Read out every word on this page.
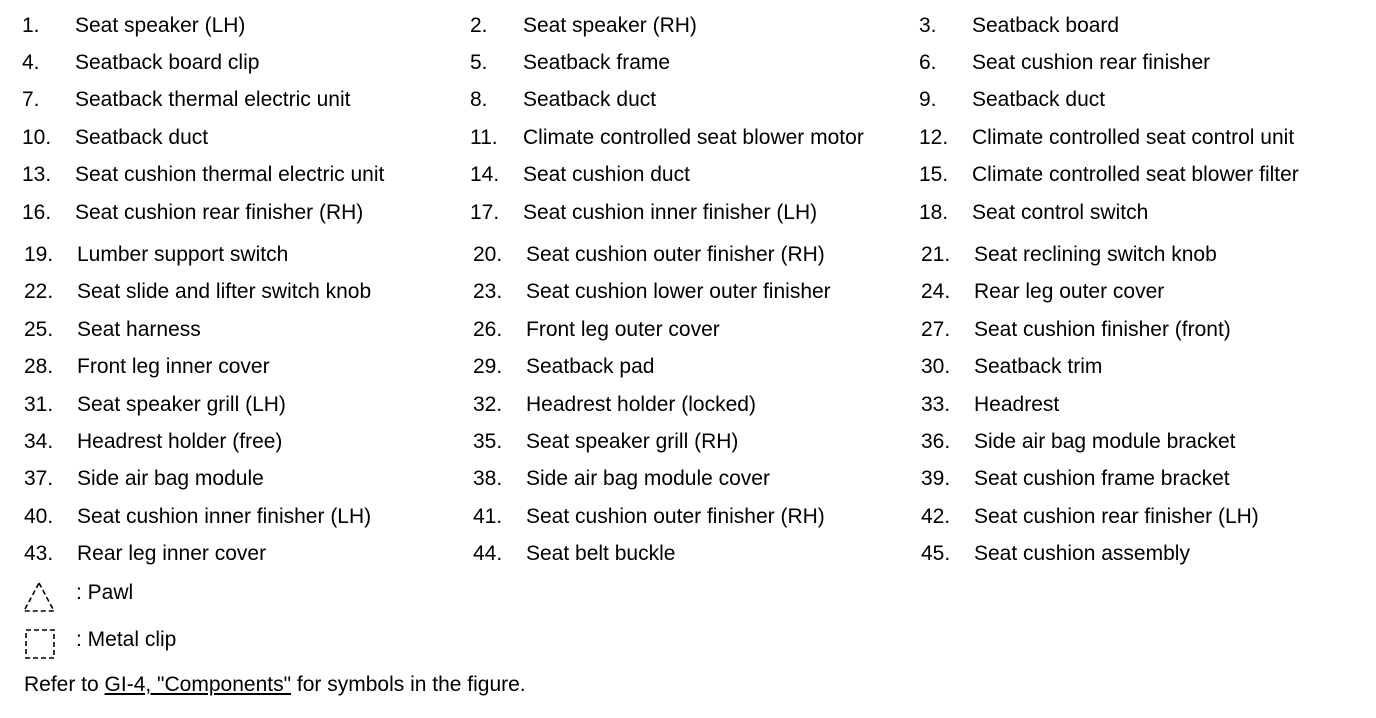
1.	Seat speaker (LH)	2.	Seat speaker (RH)	3.	Seatback board
4.	Seatback board clip	5.	Seatback frame	6.	Seat cushion rear finisher
7.	Seatback thermal electric unit	8.	Seatback duct	9.	Seatback duct
10.	Seatback duct	11.	Climate controlled seat blower motor	12.	Climate controlled seat control unit
13.	Seat cushion thermal electric unit	14.	Seat cushion duct	15.	Climate controlled seat blower filter
16.	Seat cushion rear finisher (RH)	17.	Seat cushion inner finisher (LH)	18.	Seat control switch
19.	Lumber support switch	20.	Seat cushion outer finisher (RH)	21.	Seat reclining switch knob
22.	Seat slide and lifter switch knob	23.	Seat cushion lower outer finisher	24.	Rear leg outer cover
25.	Seat harness	26.	Front leg outer cover	27.	Seat cushion finisher (front)
28.	Front leg inner cover	29.	Seatback pad	30.	Seatback trim
31.	Seat speaker grill (LH)	32.	Headrest holder (locked)	33.	Headrest
34.	Headrest holder (free)	35.	Seat speaker grill (RH)	36.	Side air bag module bracket
37.	Side air bag module	38.	Side air bag module cover	39.	Seat cushion frame bracket
40.	Seat cushion inner finisher (LH)	41.	Seat cushion outer finisher (RH)	42.	Seat cushion rear finisher (LH)
43.	Rear leg inner cover	44.	Seat belt buckle	45.	Seat cushion assembly
: Pawl
: Metal clip
Refer to GI-4, "Components" for symbols in the figure.
